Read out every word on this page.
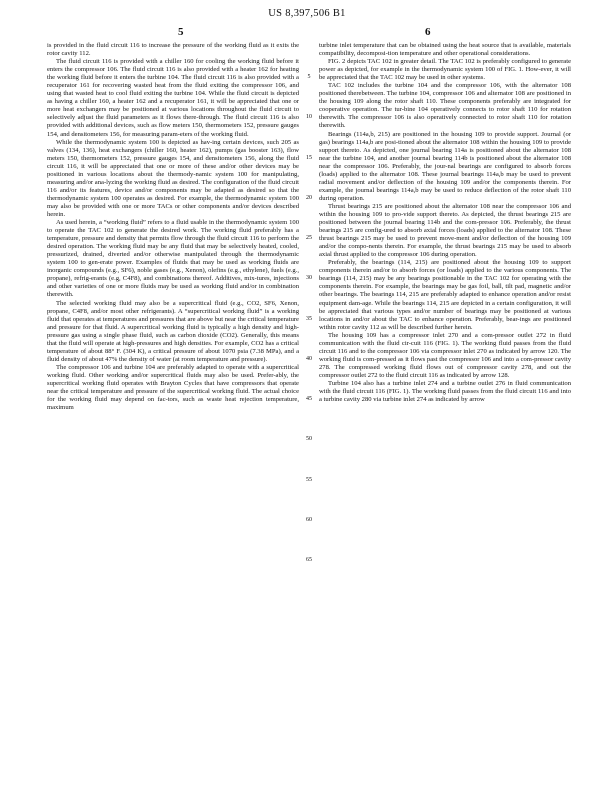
US 8,397,506 B1
5	6

is provided in the fluid circuit 116 to increase the pressure of the working fluid as it exits the rotor cavity 112.

The fluid circuit 116 is provided with a chiller 160 for cooling the working fluid before it enters the compressor 106. The fluid circuit 116 is also provided with a heater 162 for heating the working fluid before it enters the turbine 104. The fluid circuit 116 is also provided with a recuperator 161 for recovering wasted heat from the fluid exiting the compressor 106, and using that wasted heat to cool fluid exiting the turbine 104. While the fluid circuit is depicted as having a chiller 160, a heater 162 and a recuperator 161, it will be appreciated that one or more heat exchangers may be positioned at various locations throughout the fluid circuit to selectively adjust the fluid parameters as it flows there-through. The fluid circuit 116 is also provided with additional devices, such as flow meters 150, thermometers 152, pressure gauges 154, and densitometers 156, for measuring param-eters of the working fluid.

While the thermodynamic system 100 is depicted as hav-ing certain devices, such 205 as valves (134, 136), heat exchangers (chiller 160, heater 162), pumps (gas booster 163), flow meters 150, thermometers 152, pressure gauges 154, and densitometers 156, along the fluid circuit 116, it will be appreciated that one or more of these and/or other devices may be positioned in various locations about the thermody-namic system 100 for manipulating, measuring and/or ana-lyzing the working fluid as desired. The configuration of the fluid circuit 116 and/or its features, device and/or components may be adapted as desired so that the thermodynamic system 100 operates as desired. For example, the thermodynamic system 100 may also be provided with one or more TACs or other components and/or devices described herein.

As used herein, a “working fluid” refers to a fluid usable in the thermodynamic system 100 to operate the TAC 102 to generate the desired work. The working fluid preferably has a temperature, pressure and density that permits flow through the fluid circuit 116 to perform the desired operation. The working fluid may be any fluid that may be selectively heated, cooled, pressurized, drained, diverted and/or otherwise manipulated through the thermodynamic system 100 to gen-erate power. Examples of fluids that may be used as working fluids are inorganic compounds (e.g., SF6), noble gases (e.g., Xenon), olefins (e.g., ethylene), fuels (e.g., propane), refrig-erants (e.g, C4F8), and combinations thereof. Additives, mix-tures, injections and other varieties of one or more fluids may be used as working fluid and/or in combination therewith.

The selected working fluid may also be a supercritical fluid (e.g., CO2, SF6, Xenon, propane, C4F8, and/or most other refrigerants). A “supercritical working fluid” is a working fluid that operates at temperatures and pressures that are above but near the critical temperature and pressure for that fluid. A supercritical working fluid is typically a high density and high-pressure gas using a single phase fluid, such as carbon dioxide (CO2). Generally, this means that the fluid will operate at high-pressures and high densities. For example, CO2 has a critical temperature of about 88° F. (304 K), a critical pressure of about 1070 psia (7.38 MPa), and a fluid density of about 47% the density of water (at room temperature and pressure).

The compressor 106 and turbine 104 are preferably adapted to operate with a supercritical working fluid. Other working and/or supercritical fluids may also be used. Prefer-ably, the supercritical working fluid operates with Brayton Cycles that have compressors that operate near the critical temperature and pressure of the supercritical working fluid. The actual choice for the working fluid may depend on fac-tors, such as waste heat rejection temperature, maximum

5
10
15
20
25
30
35
40
45
50
55
60
65

turbine inlet temperature that can be obtained using the heat source that is available, materials compatibility, decomposi-tion temperature and other operational considerations.

FIG. 2 depicts TAC 102 in greater detail. The TAC 102 is preferably configured to generate power as depicted, for example in the thermodynamic system 100 of FIG. 1. How-ever, it will be appreciated that the TAC 102 may be used in other systems.

TAC 102 includes the turbine 104 and the compressor 106, with the alternator 108 positioned therebetween. The turbine 104, compressor 106 and alternator 108 are positioned in the housing 109 along the rotor shaft 110. These components preferably are integrated for cooperative operation. The tur-bine 104 operatively connects to rotor shaft 110 for rotation therewith. The compressor 106 is also operatively connected to rotor shaft 110 for rotation therewith.

Bearings (114a,b, 215) are positioned in the housing 109 to provide support. Journal (or gas) bearings 114a,b are posi-tioned about the alternator 108 within the housing 109 to provide support thereto. As depicted, one journal bearing 114a is positioned about the alternator 108 near the turbine 104, and another journal bearing 114b is positioned about the alternator 108 near the compressor 106. Preferably, the jour-nal bearings are configured to absorb forces (loads) applied to the alternator 108. These journal bearings 114a,b may be used to prevent radial movement and/or deflection of the housing 109 and/or the components therein. For example, the journal bearings 114a,b may be used to reduce deflection of the rotor shaft 110 during operation.

Thrust bearings 215 are positioned about the alternator 108 near the compressor 106 and within the housing 109 to pro-vide support thereto. As depicted, the thrust bearings 215 are positioned between the journal bearing 114b and the com-pressor 106. Preferably, the thrust bearings 215 are config-ured to absorb axial forces (loads) applied to the alternator 108. These thrust bearings 215 may be used to prevent move-ment and/or deflection of the housing 109 and/or the compo-nents therein. For example, the thrust bearings 215 may be used to absorb axial thrust applied to the compressor 106 during operation.

Preferably, the bearings (114, 215) are positioned about the housing 109 to support components therein and/or to absorb forces (or loads) applied to the various components. The bearings (114, 215) may be any bearings positionable in the TAC 102 for operating with the components therein. For example, the bearings may be gas foil, ball, tilt pad, magnetic and/or other bearings. The bearings 114, 215 are preferably adapted to enhance operation and/or resist equipment dam-age. While the bearings 114, 215 are depicted in a certain configuration, it will be appreciated that various types and/or number of bearings may be positioned at various locations in and/or about the TAC to enhance operation. Preferably, bear-ings are positioned within rotor cavity 112 as will be described further herein.

The housing 109 has a compressor inlet 270 and a com-pressor outlet 272 in fluid communication with the fluid cir-cuit 116 (FIG. 1). The working fluid passes from the fluid circuit 116 and to the compressor 106 via compressor inlet 270 as indicated by arrow 120. The working fluid is com-pressed as it flows past the compressor 106 and into a com-pressor cavity 278. The compressed working fluid flows out of compressor cavity 278, and out the compressor outlet 272 to the fluid circuit 116 as indicated by arrow 128.

Turbine 104 also has a turbine inlet 274 and a turbine outlet 276 in fluid communication with the fluid circuit 116 (FIG. 1). The working fluid passes from the fluid circuit 116 and into a turbine cavity 280 via turbine inlet 274 as indicated by arrow
